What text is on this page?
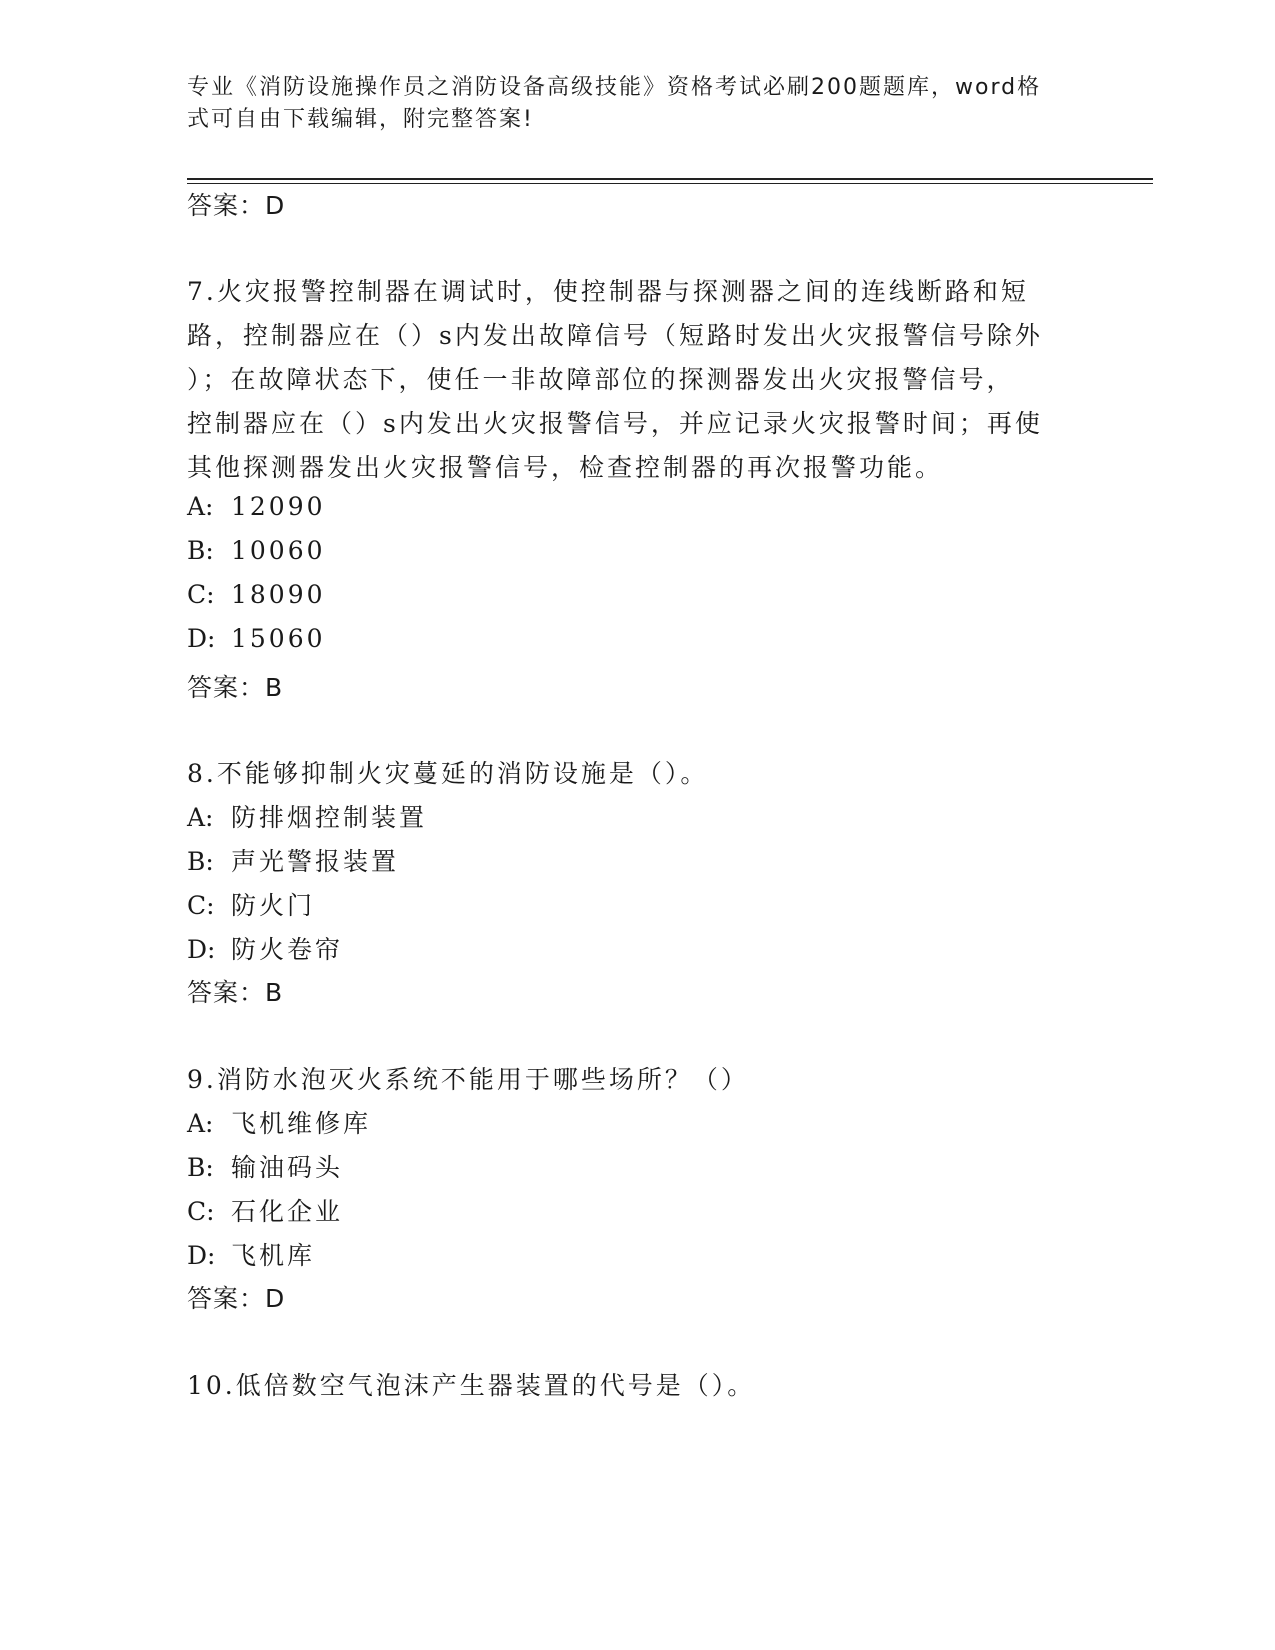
专业《消防设施操作员之消防设备高级技能》资格考试必刷200题题库，word格
式可自由下载编辑，附完整答案!
答案：D
7.火灾报警控制器在调试时，使控制器与探测器之间的连线断路和短
路，控制器应在（）s内发出故障信号（短路时发出火灾报警信号除外
）；在故障状态下，使任一非故障部位的探测器发出火灾报警信号，
控制器应在（）s内发出火灾报警信号，并应记录火灾报警时间；再使
其他探测器发出火灾报警信号，检查控制器的再次报警功能。
A: 12090
B: 10060
C: 18090
D: 15060
答案：B
8.不能够抑制火灾蔓延的消防设施是（）。
A: 防排烟控制装置
B: 声光警报装置
C: 防火门
D: 防火卷帘
答案：B
9.消防水泡灭火系统不能用于哪些场所？（）
A: 飞机维修库
B: 输油码头
C: 石化企业
D: 飞机库
答案：D
10.低倍数空气泡沫产生器装置的代号是（）。
